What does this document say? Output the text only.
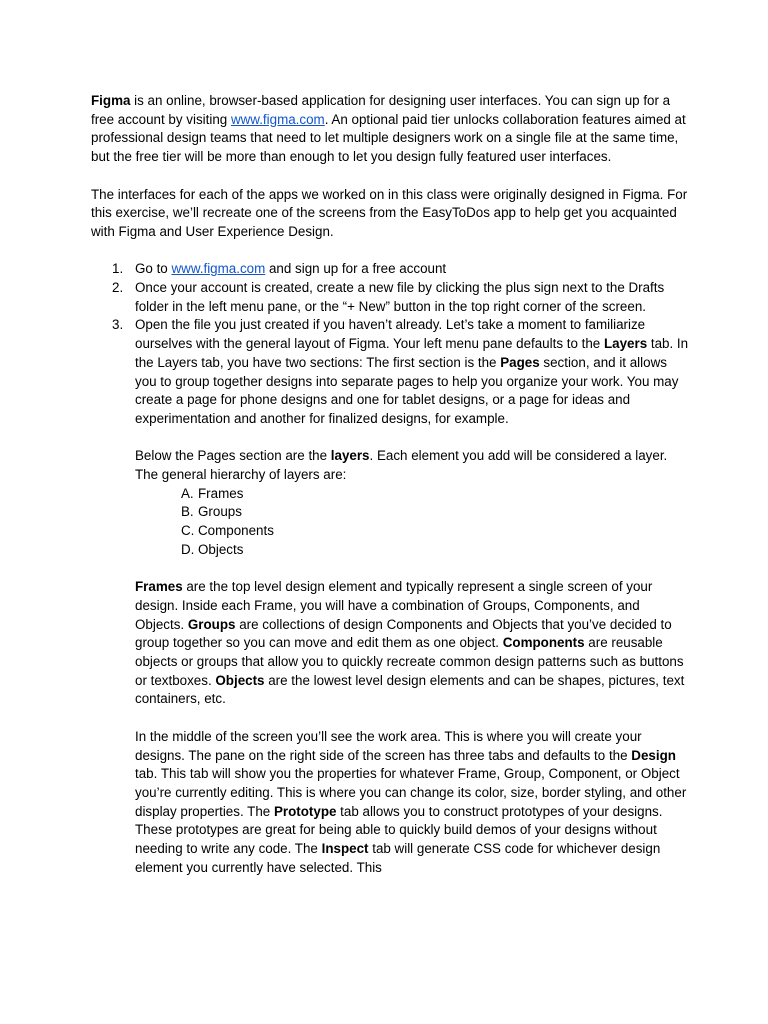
Figma is an online, browser-based application for designing user interfaces. You can sign up for a free account by visiting www.figma.com. An optional paid tier unlocks collaboration features aimed at professional design teams that need to let multiple designers work on a single file at the same time, but the free tier will be more than enough to let you design fully featured user interfaces.

The interfaces for each of the apps we worked on in this class were originally designed in Figma. For this exercise, we’ll recreate one of the screens from the EasyToDos app to help get you acquainted with Figma and User Experience Design.

1. Go to www.figma.com and sign up for a free account
2. Once your account is created, create a new file by clicking the plus sign next to the Drafts folder in the left menu pane, or the “+ New” button in the top right corner of the screen.
3. Open the file you just created if you haven’t already. Let’s take a moment to familiarize ourselves with the general layout of Figma. Your left menu pane defaults to the Layers tab. In the Layers tab, you have two sections: The first section is the Pages section, and it allows you to group together designs into separate pages to help you organize your work. You may create a page for phone designs and one for tablet designs, or a page for ideas and experimentation and another for finalized designs, for example.

Below the Pages section are the layers. Each element you add will be considered a layer. The general hierarchy of layers are:

A. Frames
B. Groups
C. Components
D. Objects

Frames are the top level design element and typically represent a single screen of your design. Inside each Frame, you will have a combination of Groups, Components, and Objects. Groups are collections of design Components and Objects that you’ve decided to group together so you can move and edit them as one object. Components are reusable objects or groups that allow you to quickly recreate common design patterns such as buttons or textboxes. Objects are the lowest level design elements and can be shapes, pictures, text containers, etc.

In the middle of the screen you’ll see the work area. This is where you will create your designs. The pane on the right side of the screen has three tabs and defaults to the Design tab. This tab will show you the properties for whatever Frame, Group, Component, or Object you’re currently editing. This is where you can change its color, size, border styling, and other display properties. The Prototype tab allows you to construct prototypes of your designs. These prototypes are great for being able to quickly build demos of your designs without needing to write any code. The Inspect tab will generate CSS code for whichever design element you currently have selected. This
